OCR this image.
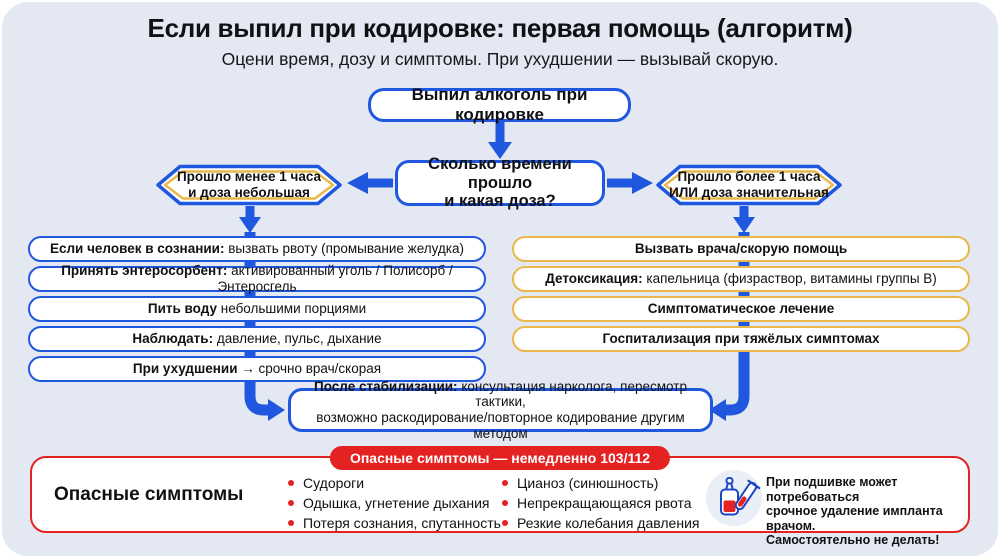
Если выпил при кодировке: первая помощь (алгоритм)
Оцени время, дозу и симптомы. При ухудшении — вызывай скорую.
Выпил алкоголь при кодировке
Сколько времени прошло
и какая доза?
Прошло менее 1 часа
и доза небольшая
Прошло более 1 часа
ИЛИ доза значительная
Если человек в сознании: вызвать рвоту (промывание желудка)
Принять энтеросорбент: активированный уголь / Полисорб / Энтеросгель
Пить воду небольшими порциями
Наблюдать: давление, пульс, дыхание
При ухудшении → срочно врач/скорая
Вызвать врача/скорую помощь
Детоксикация: капельница (физраствор, витамины группы В)
Симптоматическое лечение
Госпитализация при тяжёлых симптомах
После стабилизации: консультация нарколога, пересмотр тактики,
возможно раскодирование/повторное кодирование другим методом
Опасные симптомы — немедленно 103/112
Опасные симптомы
Судороги
Одышка, угнетение дыхания
Потеря сознания, спутанность
Цианоз (синюшность)
Непрекращающаяся рвота
Резкие колебания давления
При подшивке может потребоваться
срочное удаление импланта врачом.
Самостоятельно не делать!
